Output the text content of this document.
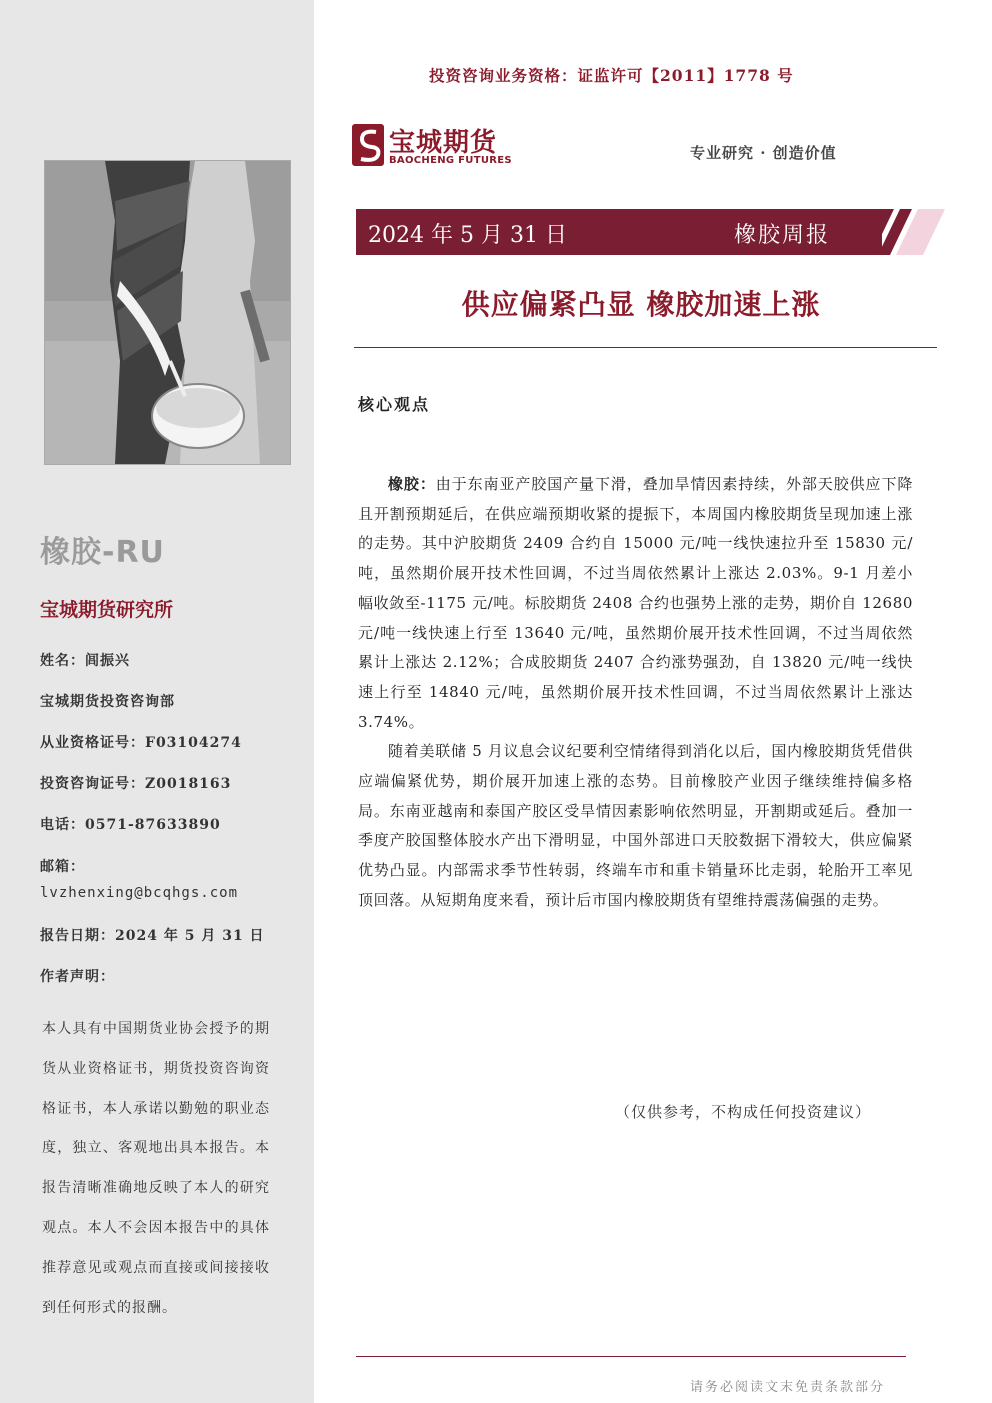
橡胶-RU
宝城期货研究所
姓名：闾振兴
宝城期货投资咨询部
从业资格证号：F03104274
投资咨询证号：Z0018163
电话：0571-87633890
邮箱：
lvzhenxing@bcqhgs.com
报告日期：2024 年 5 月 31 日
作者声明：
本人具有中国期货业协会授予的期货从业资格证书，期货投资咨询资格证书，本人承诺以勤勉的职业态度，独立、客观地出具本报告。本报告清晰准确地反映了本人的研究观点。本人不会因本报告中的具体推荐意见或观点而直接或间接接收到任何形式的报酬。
投资咨询业务资格：证监许可【2011】1778 号
宝城期货
BAOCHENG FUTURES	专业研究 · 创造价值
2024 年 5 月 31 日	橡胶周报
供应偏紧凸显 橡胶加速上涨
核心观点

橡胶：由于东南亚产胶国产量下滑，叠加旱情因素持续，外部天胶供应下降且开割预期延后，在供应端预期收紧的提振下，本周国内橡胶期货呈现加速上涨的走势。其中沪胶期货 2409 合约自 15000 元/吨一线快速拉升至 15830 元/吨，虽然期价展开技术性回调，不过当周依然累计上涨达 2.03%。9-1 月差小幅收敛至-1175 元/吨。标胶期货 2408 合约也强势上涨的走势，期价自 12680 元/吨一线快速上行至 13640 元/吨，虽然期价展开技术性回调，不过当周依然累计上涨达 2.12%；合成胶期货 2407 合约涨势强劲，自 13820 元/吨一线快速上行至 14840 元/吨，虽然期价展开技术性回调，不过当周依然累计上涨达 3.74%。

随着美联储 5 月议息会议纪要利空情绪得到消化以后，国内橡胶期货凭借供应端偏紧优势，期价展开加速上涨的态势。目前橡胶产业因子继续维持偏多格局。东南亚越南和泰国产胶区受旱情因素影响依然明显，开割期或延后。叠加一季度产胶国整体胶水产出下滑明显，中国外部进口天胶数据下滑较大，供应偏紧优势凸显。内部需求季节性转弱，终端车市和重卡销量环比走弱，轮胎开工率见顶回落。从短期角度来看，预计后市国内橡胶期货有望维持震荡偏强的走势。

（仅供参考，不构成任何投资建议）
请务必阅读文末免责条款部分
